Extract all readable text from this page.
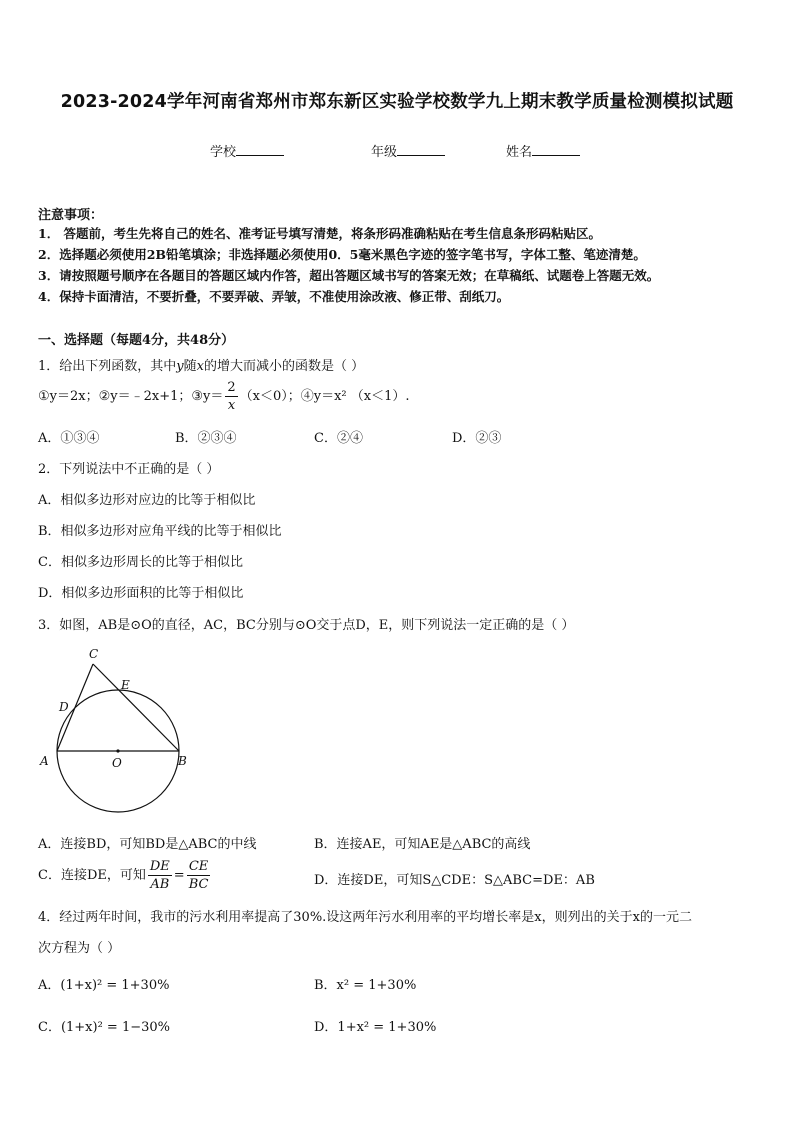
2023-2024学年河南省郑州市郑东新区实验学校数学九上期末教学质量检测模拟试题
学校	年级	姓名
注意事项：
1． 答题前，考生先将自己的姓名、准考证号填写清楚，将条形码准确粘贴在考生信息条形码粘贴区。
2．选择题必须使用2B铅笔填涂；非选择题必须使用0．5毫米黑色字迹的签字笔书写，字体工整、笔迹清楚。
3．请按照题号顺序在各题目的答题区域内作答，超出答题区域书写的答案无效；在草稿纸、试题卷上答题无效。
4．保持卡面清洁，不要折叠，不要弄破、弄皱，不准使用涂改液、修正带、刮纸刀。
一、选择题（每题4分，共48分）
1．给出下列函数，其中y随x的增大而减小的函数是（ ）
①y＝2x；②y＝﹣2x+1；③y＝ $\frac{2}{x} (x<0)$；④y＝x² （x＜1）.
A．①③④	B．②③④	C．②④	D．②③
2．下列说法中不正确的是（ ）
A．相似多边形对应边的比等于相似比
B．相似多边形对应角平线的比等于相似比
C．相似多边形周长的比等于相似比
D．相似多边形面积的比等于相似比
3．如图，AB是⊙O的直径，AC，BC分别与⊙O交于点D，E，则下列说法一定正确的是（ ）
C
E
D
A	O	B
A．连接BD，可知BD是△ABC的中线	B．连接AE，可知AE是△ABC的高线
C．连接DE，可知 $\frac{DE}{AB} = \frac{CE}{BC}$	D．连接DE，可知S△CDE：S△ABC=DE：AB
4．经过两年时间，我市的污水利用率提高了30%.设这两年污水利用率的平均增长率是x，则列出的关于x的一元二
次方程为（ ）
A．(1+x)² = 1+30%	B．x² = 1+30%
C．(1+x)² = 1−30%	D．1+x² = 1+30%
